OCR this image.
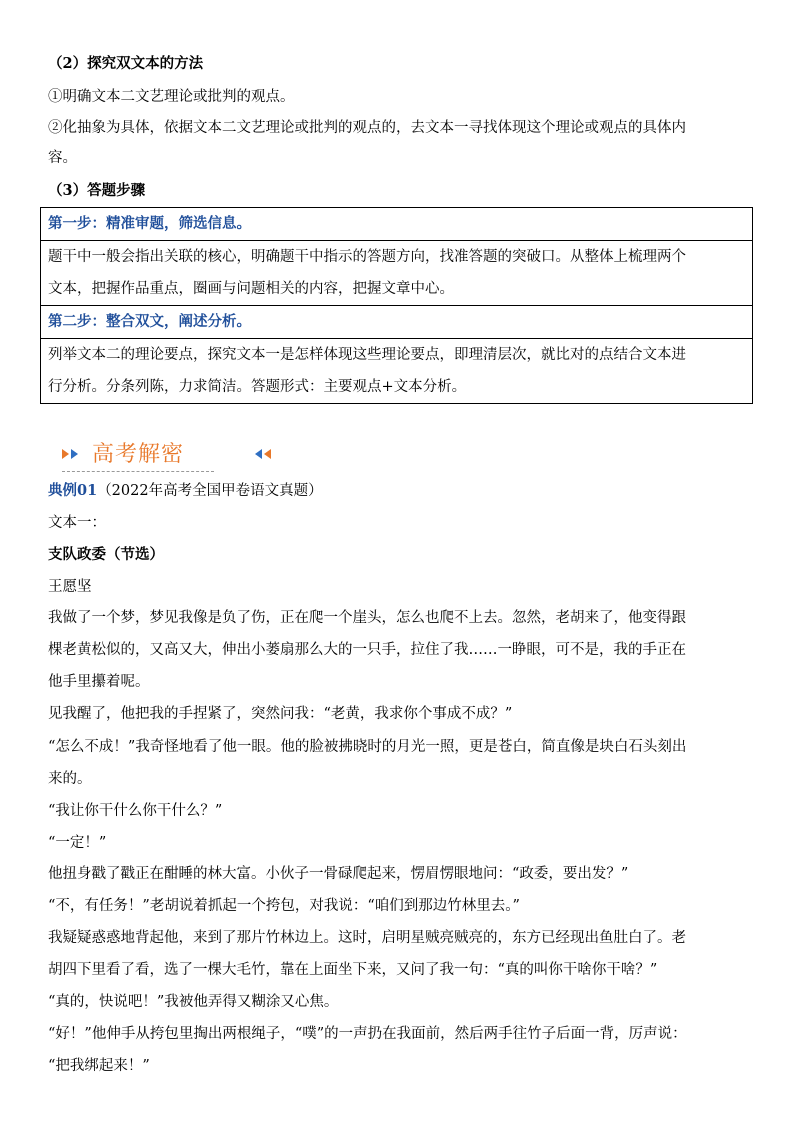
（2）探究双文本的方法
①明确文本二文艺理论或批判的观点。
②化抽象为具体，依据文本二文艺理论或批判的观点的，去文本一寻找体现这个理论或观点的具体内
容。
（3）答题步骤
第一步：精准审题，筛选信息。

题干中一般会指出关联的核心，明确题干中指示的答题方向，找准答题的突破口。从整体上梳理两个
文本，把握作品重点，圈画与问题相关的内容，把握文章中心。

第二步：整合双文，阐述分析。

列举文本二的理论要点，探究文本一是怎样体现这些理论要点，即理清层次，就比对的点结合文本进
行分析。分条列陈，力求简洁。答题形式：主要观点+文本分析。
高考解密
典例01（2022年高考全国甲卷语文真题）
文本一：
支队政委（节选）
王愿坚
我做了一个梦，梦见我像是负了伤，正在爬一个崖头，怎么也爬不上去。忽然，老胡来了，他变得跟
棵老黄松似的，又高又大，伸出小蒌扇那么大的一只手，拉住了我……一睁眼，可不是，我的手正在
他手里攥着呢。
见我醒了，他把我的手捏紧了，突然问我：“老黄，我求你个事成不成？”
“怎么不成！”我奇怪地看了他一眼。他的脸被拂晓时的月光一照，更是苍白，简直像是块白石头刻出
来的。
“我让你干什么你干什么？”
“一定！”
他扭身戳了戳正在酣睡的林大富。小伙子一骨碌爬起来，愣眉愣眼地问：“政委，要出发？”
“不，有任务！”老胡说着抓起一个挎包，对我说：“咱们到那边竹林里去。”
我疑疑惑惑地背起他，来到了那片竹林边上。这时，启明星贼亮贼亮的，东方已经现出鱼肚白了。老
胡四下里看了看，选了一棵大毛竹，靠在上面坐下来，又问了我一句：“真的叫你干啥你干啥？”
“真的，快说吧！”我被他弄得又糊涂又心焦。
“好！”他伸手从挎包里掏出两根绳子，“噗”的一声扔在我面前，然后两手往竹子后面一背，厉声说：
“把我绑起来！”
